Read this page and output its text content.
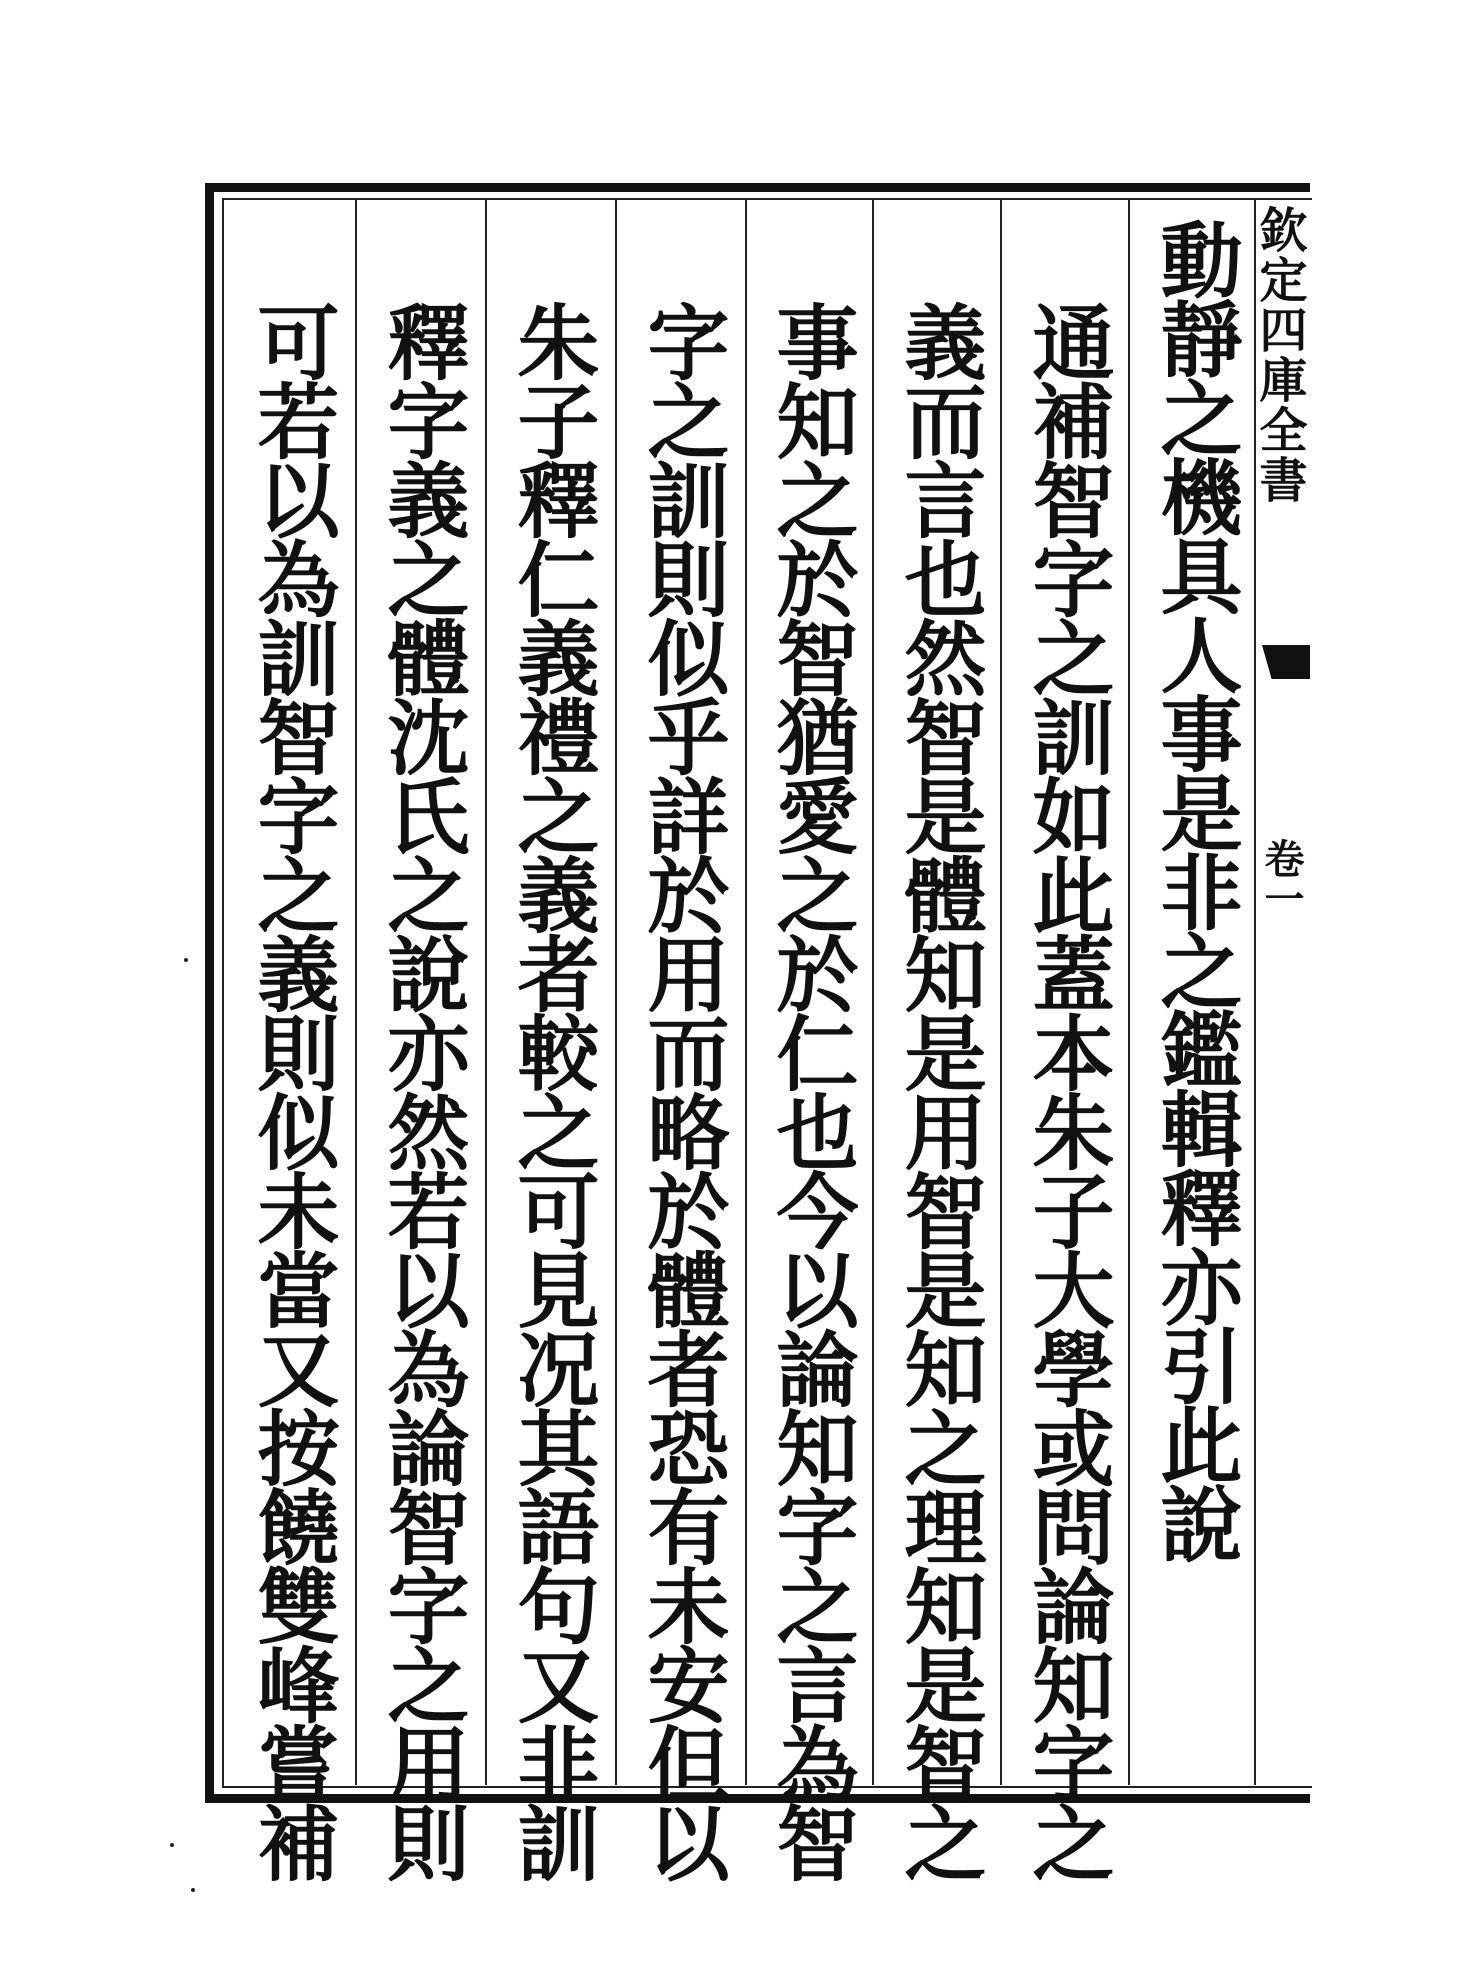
欽定四庫全書
卷一
動靜之機具人事是非之鑑輯釋亦引此說
通補智字之訓如此蓋本朱子大學或問論知字之
義而言也然智是體知是用智是知之理知是智之
事知之於智猶愛之於仁也今以論知字之言為智
字之訓則似乎詳於用而略於體者恐有未安但以
朱子釋仁義禮之義者較之可見况其語句又非訓
釋字義之體沈氏之說亦然若以為論智字之用則
可若以為訓智字之義則似未當又按饒雙峰嘗補
